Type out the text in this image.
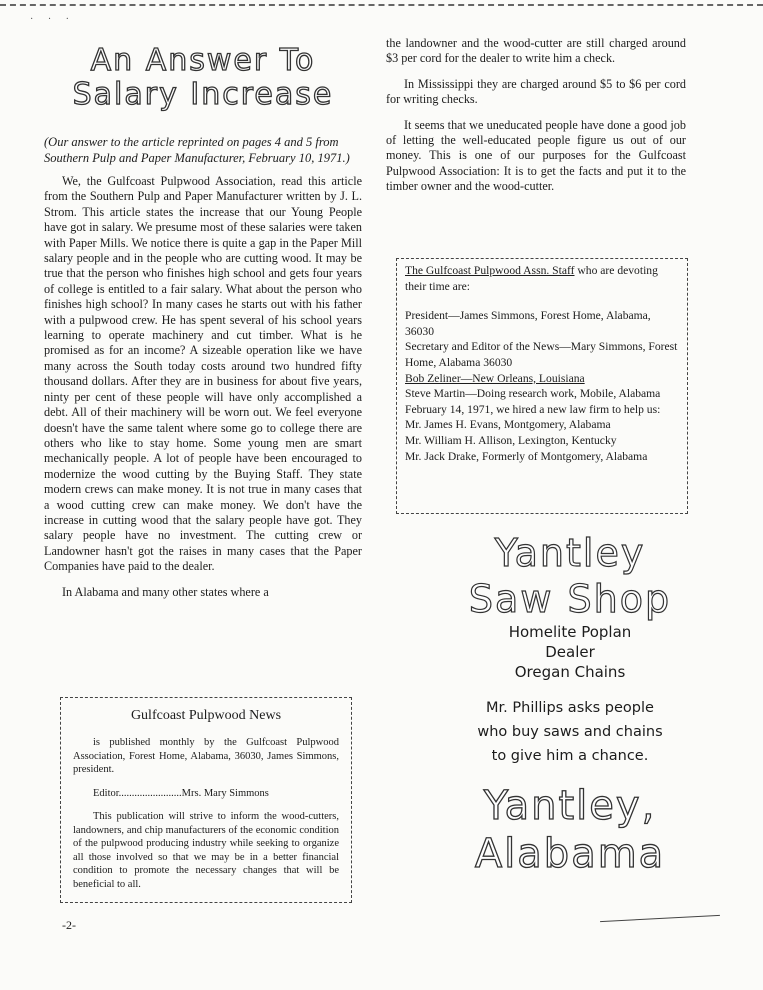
· · ·
An Answer To
Salary Increase

(Our answer to the article reprinted on pages 4 and 5 from Southern Pulp and Paper Manufacturer, February 10, 1971.)

We, the Gulfcoast Pulpwood Association, read this article from the Southern Pulp and Paper Manufacturer written by J. L. Strom. This article states the increase that our Young People have got in salary. We presume most of these salaries were taken with Paper Mills. We notice there is quite a gap in the Paper Mill salary people and in the people who are cutting wood. It may be true that the person who finishes high school and gets four years of college is entitled to a fair salary. What about the person who finishes high school? In many cases he starts out with his father with a pulpwood crew. He has spent several of his school years learning to operate machinery and cut timber. What is he promised as for an income? A sizeable operation like we have many across the South today costs around two hundred fifty thousand dollars. After they are in business for about five years, ninty per cent of these people will have only accomplished a debt. All of their machinery will be worn out. We feel everyone doesn't have the same talent where some go to college there are others who like to stay home. Some young men are smart mechanically people. A lot of people have been encouraged to modernize the wood cutting by the Buying Staff. They state modern crews can make money. It is not true in many cases that a wood cutting crew can make money. We don't have the increase in cutting wood that the salary people have got. They salary people have no investment. The cutting crew or Landowner hasn't got the raises in many cases that the Paper Companies have paid to the dealer.

In Alabama and many other states where a

Gulfcoast Pulpwood News

is published monthly by the Gulfcoast Pulpwood Association, Forest Home, Alabama, 36030, James Simmons, president.

Editor........................Mrs. Mary Simmons

This publication will strive to inform the wood-cutters, landowners, and chip manufacturers of the economic condition of the pulpwood producing industry while seeking to organize all those involved so that we may be in a better financial condition to promote the necessary changes that will be beneficial to all.

the landowner and the wood-cutter are still charged around $3 per cord for the dealer to write him a check.

In Mississippi they are charged around $5 to $6 per cord for writing checks.

It seems that we uneducated people have done a good job of letting the well-educated people figure us out of our money. This is one of our purposes for the Gulfcoast Pulpwood Association: It is to get the facts and put it to the timber owner and the wood-cutter.

The Gulfcoast Pulpwood Assn. Staff who are devoting their time are:

President—James Simmons, Forest Home, Alabama, 36030

Secretary and Editor of the News—Mary Simmons, Forest Home, Alabama 36030

Bob Zeliner—New Orleans, Louisiana

Steve Martin—Doing research work, Mobile, Alabama

February 14, 1971, we hired a new law firm to help us:

Mr. James H. Evans, Montgomery, Alabama

Mr. William H. Allison, Lexington, Kentucky

Mr. Jack Drake, Formerly of Montgomery, Alabama

Yantley

Saw Shop

Homelite Poplan

Dealer

Oregan Chains

Mr. Phillips asks people

who buy saws and chains

to give him a chance.

Yantley,

Alabama

-2-
